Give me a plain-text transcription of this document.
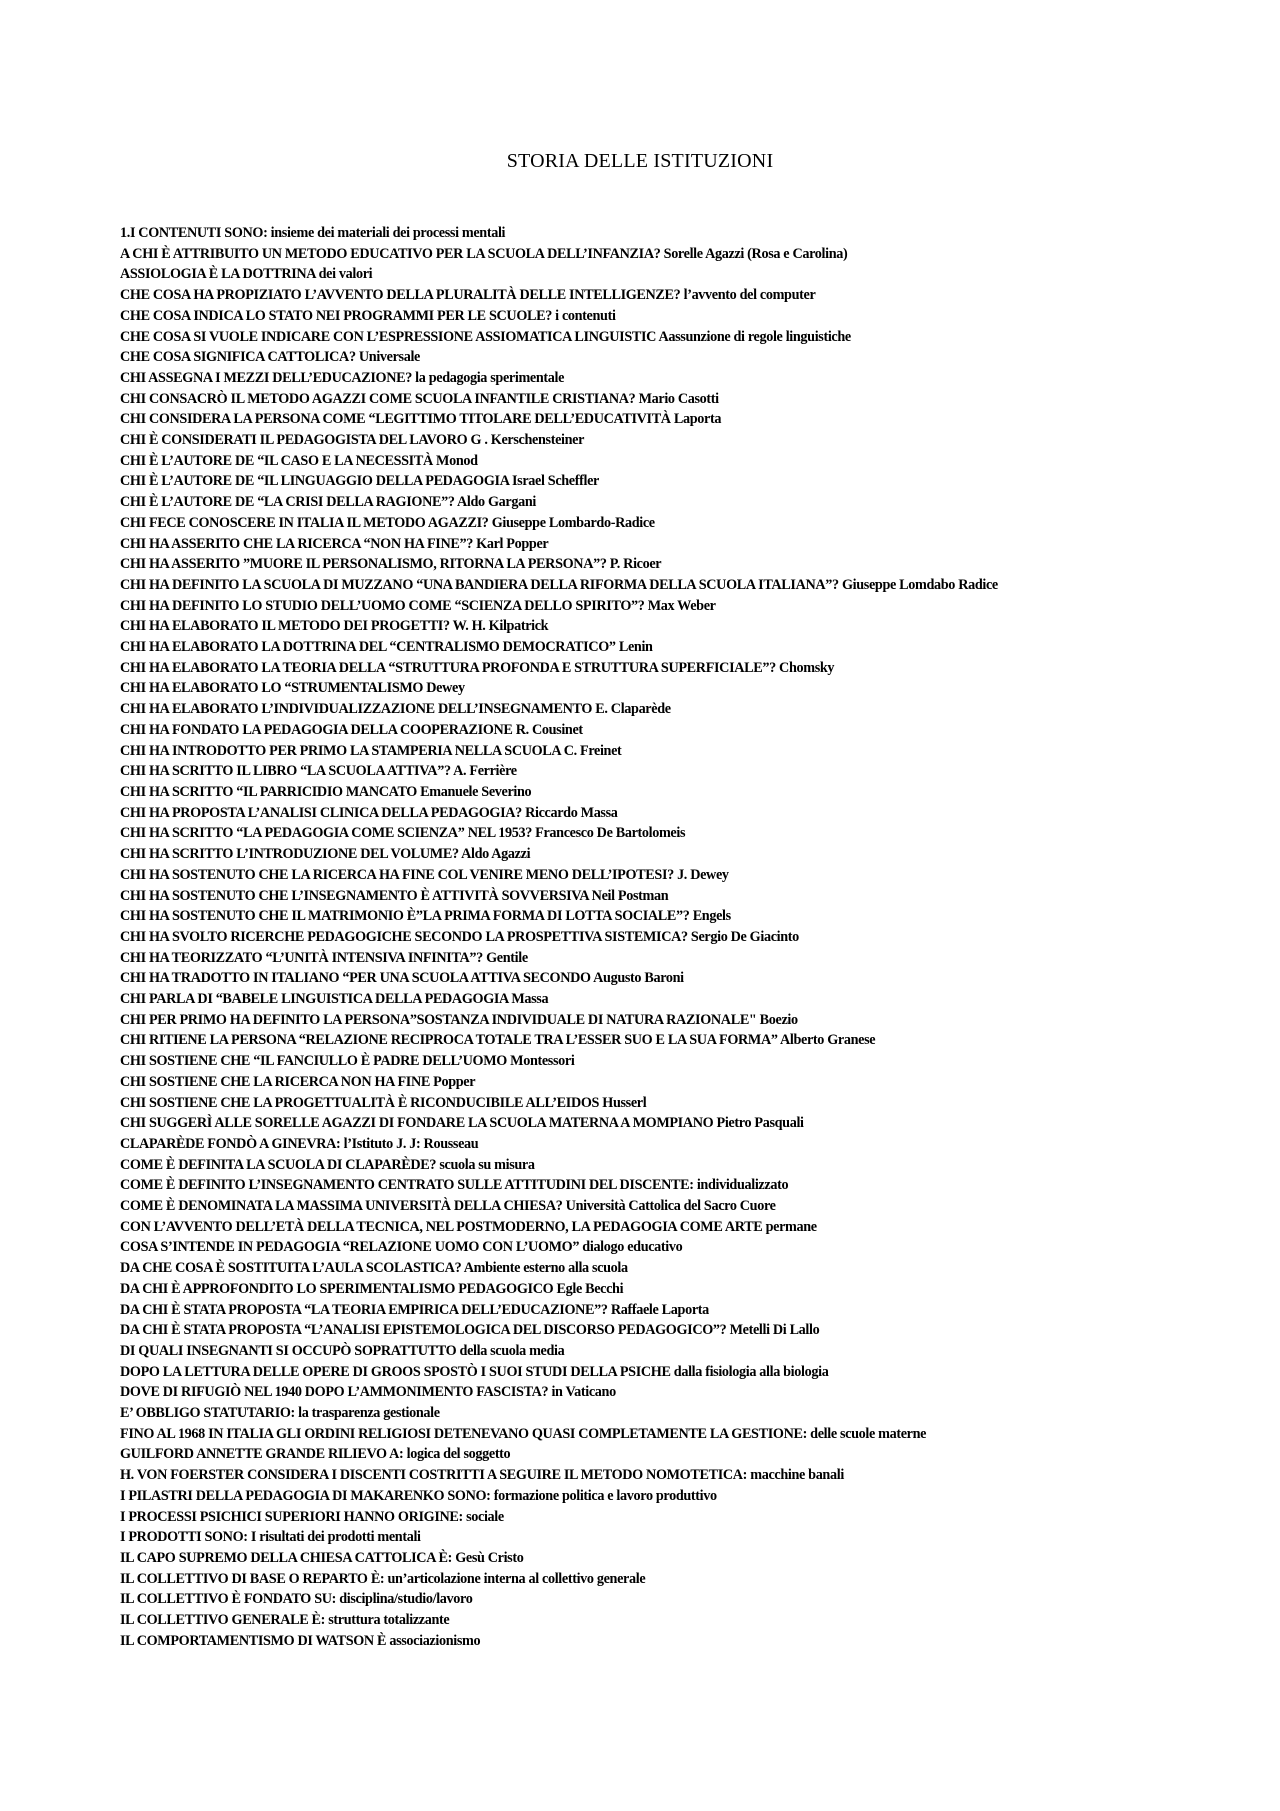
STORIA DELLE ISTITUZIONI
1.I CONTENUTI SONO: insieme dei materiali dei processi mentali
A CHI È ATTRIBUITO UN METODO EDUCATIVO PER LA SCUOLA DELL’INFANZIA? Sorelle Agazzi (Rosa e Carolina)
ASSIOLOGIA È LA DOTTRINA dei valori
CHE COSA HA PROPIZIATO L’AVVENTO DELLA PLURALITÀ DELLE INTELLIGENZE? l’avvento del computer
CHE COSA INDICA LO STATO NEI PROGRAMMI PER LE SCUOLE? i contenuti
CHE COSA SI VUOLE INDICARE CON L’ESPRESSIONE ASSIOMATICA LINGUISTIC Aassunzione di regole linguistiche
CHE COSA SIGNIFICA CATTOLICA? Universale
CHI ASSEGNA I MEZZI DELL’EDUCAZIONE? la pedagogia sperimentale
CHI CONSACRÒ IL METODO AGAZZI COME SCUOLA INFANTILE CRISTIANA? Mario Casotti
CHI CONSIDERA LA PERSONA COME “LEGITTIMO TITOLARE DELL’EDUCATIVITÀ Laporta
CHI È CONSIDERATI IL PEDAGOGISTA DEL LAVORO G . Kerschensteiner
CHI È L’AUTORE DE “IL CASO E LA NECESSITÀ Monod
CHI È L’AUTORE DE “IL LINGUAGGIO DELLA PEDAGOGIA Israel Scheffler
CHI È L’AUTORE DE “LA CRISI DELLA RAGIONE”? Aldo Gargani
CHI FECE CONOSCERE IN ITALIA IL METODO AGAZZI? Giuseppe Lombardo-Radice
CHI HA ASSERITO CHE LA RICERCA “NON HA FINE”? Karl Popper
CHI HA ASSERITO ”MUORE IL PERSONALISMO, RITORNA LA PERSONA”? P. Ricoer
CHI HA DEFINITO LA SCUOLA DI MUZZANO “UNA BANDIERA DELLA RIFORMA DELLA SCUOLA ITALIANA”? Giuseppe Lomdabo Radice
CHI HA DEFINITO LO STUDIO DELL’UOMO COME “SCIENZA DELLO SPIRITO”? Max Weber
CHI HA ELABORATO IL METODO DEI PROGETTI? W. H. Kilpatrick
CHI HA ELABORATO LA DOTTRINA DEL “CENTRALISMO DEMOCRATICO” Lenin
CHI HA ELABORATO LA TEORIA DELLA “STRUTTURA PROFONDA E STRUTTURA SUPERFICIALE”? Chomsky
CHI HA ELABORATO LO “STRUMENTALISMO Dewey
CHI HA ELABORATO L’INDIVIDUALIZZAZIONE DELL’INSEGNAMENTO E. Claparède
CHI HA FONDATO LA PEDAGOGIA DELLA COOPERAZIONE R. Cousinet
CHI HA INTRODOTTO PER PRIMO LA STAMPERIA NELLA SCUOLA C. Freinet
CHI HA SCRITTO IL LIBRO “LA SCUOLA ATTIVA”? A. Ferrière
CHI HA SCRITTO “IL PARRICIDIO MANCATO Emanuele Severino
CHI HA PROPOSTA L’ANALISI CLINICA DELLA PEDAGOGIA? Riccardo Massa
CHI HA SCRITTO “LA PEDAGOGIA COME SCIENZA” NEL 1953? Francesco De Bartolomeis
CHI HA SCRITTO L’INTRODUZIONE DEL VOLUME? Aldo Agazzi
CHI HA SOSTENUTO CHE LA RICERCA HA FINE COL VENIRE MENO DELL’IPOTESI? J. Dewey
CHI HA SOSTENUTO CHE L’INSEGNAMENTO È ATTIVITÀ SOVVERSIVA Neil Postman
CHI HA SOSTENUTO CHE IL MATRIMONIO È”LA PRIMA FORMA DI LOTTA SOCIALE”? Engels
CHI HA SVOLTO RICERCHE PEDAGOGICHE SECONDO LA PROSPETTIVA SISTEMICA? Sergio De Giacinto
CHI HA TEORIZZATO “L’UNITÀ INTENSIVA INFINITA”? Gentile
CHI HA TRADOTTO IN ITALIANO “PER UNA SCUOLA ATTIVA SECONDO Augusto Baroni
CHI PARLA DI “BABELE LINGUISTICA DELLA PEDAGOGIA Massa
CHI PER PRIMO HA DEFINITO LA PERSONA”SOSTANZA INDIVIDUALE DI NATURA RAZIONALE" Boezio
CHI RITIENE LA PERSONA “RELAZIONE RECIPROCA TOTALE TRA L’ESSER SUO E LA SUA FORMA” Alberto Granese
CHI SOSTIENE CHE “IL FANCIULLO È PADRE DELL’UOMO Montessori
CHI SOSTIENE CHE LA RICERCA NON HA FINE Popper
CHI SOSTIENE CHE LA PROGETTUALITÀ È RICONDUCIBILE ALL’EIDOS Husserl
CHI SUGGERÌ ALLE SORELLE AGAZZI DI FONDARE LA SCUOLA MATERNA A MOMPIANO Pietro Pasquali
CLAPARÈDE FONDÒ A GINEVRA: l’Istituto J. J: Rousseau
COME È DEFINITA LA SCUOLA DI CLAPARÈDE? scuola su misura
COME È DEFINITO L’INSEGNAMENTO CENTRATO SULLE ATTITUDINI DEL DISCENTE: individualizzato
COME È DENOMINATA LA MASSIMA UNIVERSITÀ DELLA CHIESA? Università Cattolica del Sacro Cuore
CON L’AVVENTO DELL’ETÀ DELLA TECNICA, NEL POSTMODERNO, LA PEDAGOGIA COME ARTE permane
COSA S’INTENDE IN PEDAGOGIA “RELAZIONE UOMO CON L’UOMO” dialogo educativo
DA CHE COSA È SOSTITUITA L’AULA SCOLASTICA? Ambiente esterno alla scuola
DA CHI È APPROFONDITO LO SPERIMENTALISMO PEDAGOGICO Egle Becchi
DA CHI È STATA PROPOSTA “LA TEORIA EMPIRICA DELL’EDUCAZIONE”? Raffaele Laporta
DA CHI È STATA PROPOSTA “L’ANALISI EPISTEMOLOGICA DEL DISCORSO PEDAGOGICO”? Metelli Di Lallo
DI QUALI INSEGNANTI SI OCCUPÒ SOPRATTUTTO della scuola media
DOPO LA LETTURA DELLE OPERE DI GROOS SPOSTÒ I SUOI STUDI DELLA PSICHE dalla fisiologia alla biologia
DOVE DI RIFUGIÒ NEL 1940 DOPO L’AMMONIMENTO FASCISTA? in Vaticano
E’ OBBLIGO STATUTARIO: la trasparenza gestionale
FINO AL 1968 IN ITALIA GLI ORDINI RELIGIOSI DETENEVANO QUASI COMPLETAMENTE LA GESTIONE: delle scuole materne
GUILFORD ANNETTE GRANDE RILIEVO A: logica del soggetto
H. VON FOERSTER CONSIDERA I DISCENTI COSTRITTI A SEGUIRE IL METODO NOMOTETICA: macchine banali
I PILASTRI DELLA PEDAGOGIA DI MAKARENKO SONO: formazione politica e lavoro produttivo
I PROCESSI PSICHICI SUPERIORI HANNO ORIGINE: sociale
I PRODOTTI SONO: I risultati dei prodotti mentali
IL CAPO SUPREMO DELLA CHIESA CATTOLICA È: Gesù Cristo
IL COLLETTIVO DI BASE O REPARTO È: un’articolazione interna al collettivo generale
IL COLLETTIVO È FONDATO SU: disciplina/studio/lavoro
IL COLLETTIVO GENERALE È: struttura totalizzante
IL COMPORTAMENTISMO DI WATSON È associazionismo
